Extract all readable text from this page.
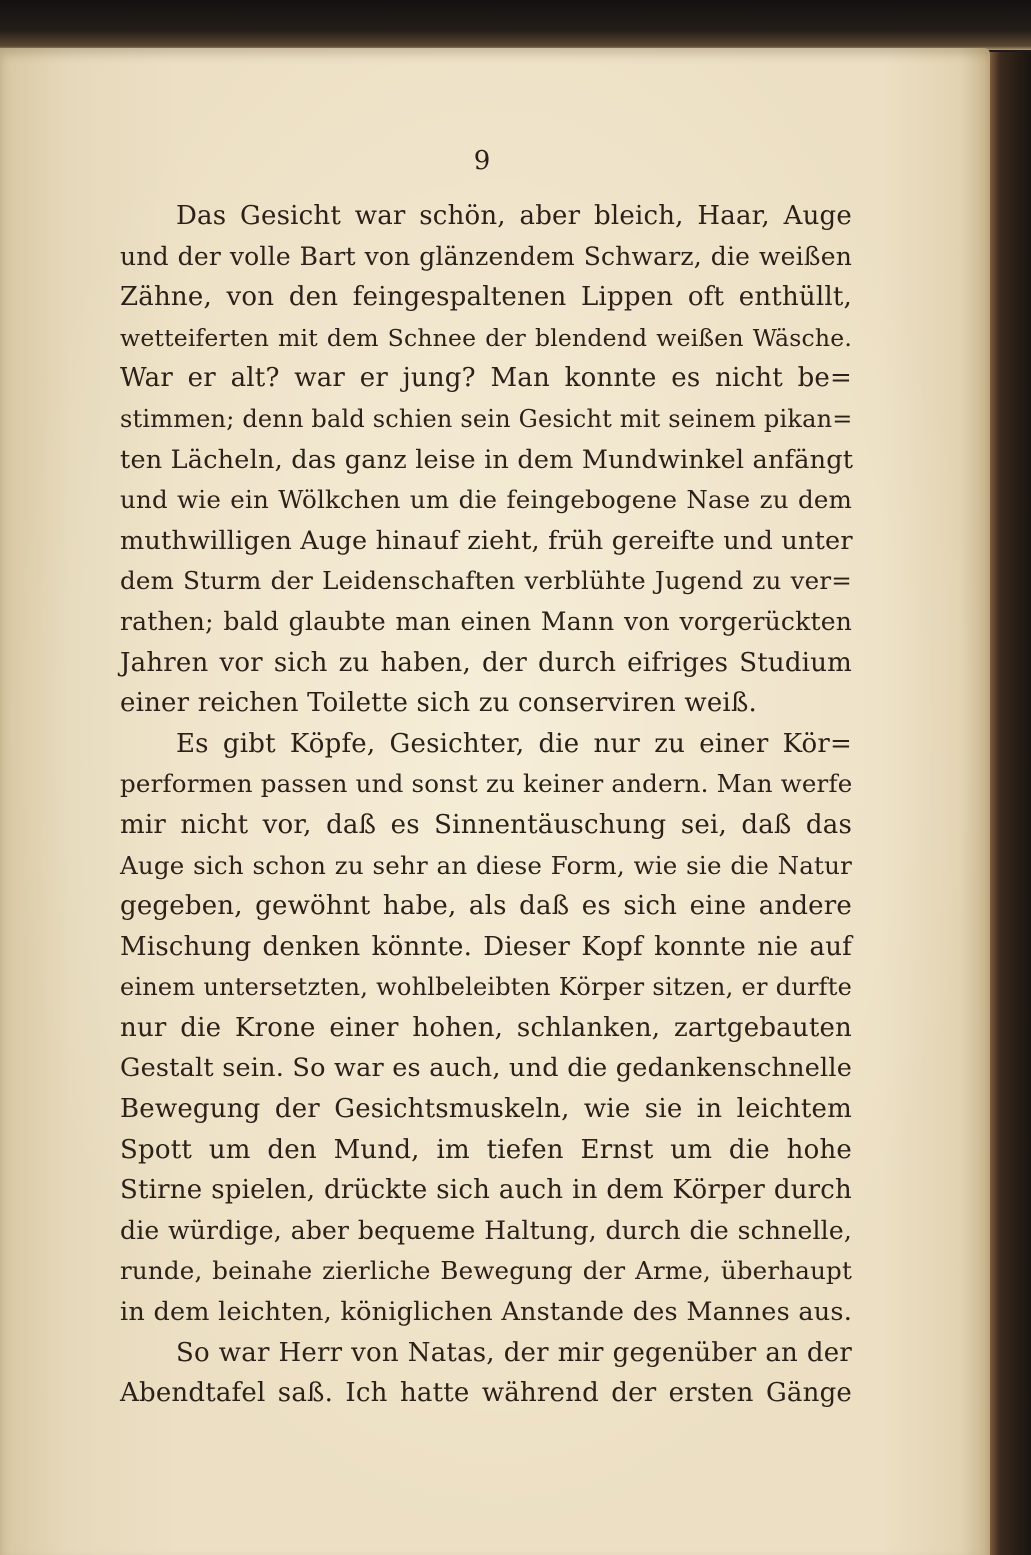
9
Das Gesicht war schön, aber bleich, Haar, Auge
und der volle Bart von glänzendem Schwarz, die weißen
Zähne, von den feingespaltenen Lippen oft enthüllt,
wetteiferten mit dem Schnee der blendend weißen Wäsche.
War er alt? war er jung? Man konnte es nicht be=
stimmen; denn bald schien sein Gesicht mit seinem pikan=
ten Lächeln, das ganz leise in dem Mundwinkel anfängt
und wie ein Wölkchen um die feingebogene Nase zu dem
muthwilligen Auge hinauf zieht, früh gereifte und unter
dem Sturm der Leidenschaften verblühte Jugend zu ver=
rathen; bald glaubte man einen Mann von vorgerückten
Jahren vor sich zu haben, der durch eifriges Studium
einer reichen Toilette sich zu conserviren weiß.
Es gibt Köpfe, Gesichter, die nur zu einer Kör=
performen passen und sonst zu keiner andern. Man werfe
mir nicht vor, daß es Sinnentäuschung sei, daß das
Auge sich schon zu sehr an diese Form, wie sie die Natur
gegeben, gewöhnt habe, als daß es sich eine andere
Mischung denken könnte. Dieser Kopf konnte nie auf
einem untersetzten, wohlbeleibten Körper sitzen, er durfte
nur die Krone einer hohen, schlanken, zartgebauten
Gestalt sein. So war es auch, und die gedankenschnelle
Bewegung der Gesichtsmuskeln, wie sie in leichtem
Spott um den Mund, im tiefen Ernst um die hohe
Stirne spielen, drückte sich auch in dem Körper durch
die würdige, aber bequeme Haltung, durch die schnelle,
runde, beinahe zierliche Bewegung der Arme, überhaupt
in dem leichten, königlichen Anstande des Mannes aus.
So war Herr von Natas, der mir gegenüber an der
Abendtafel saß. Ich hatte während der ersten Gänge
